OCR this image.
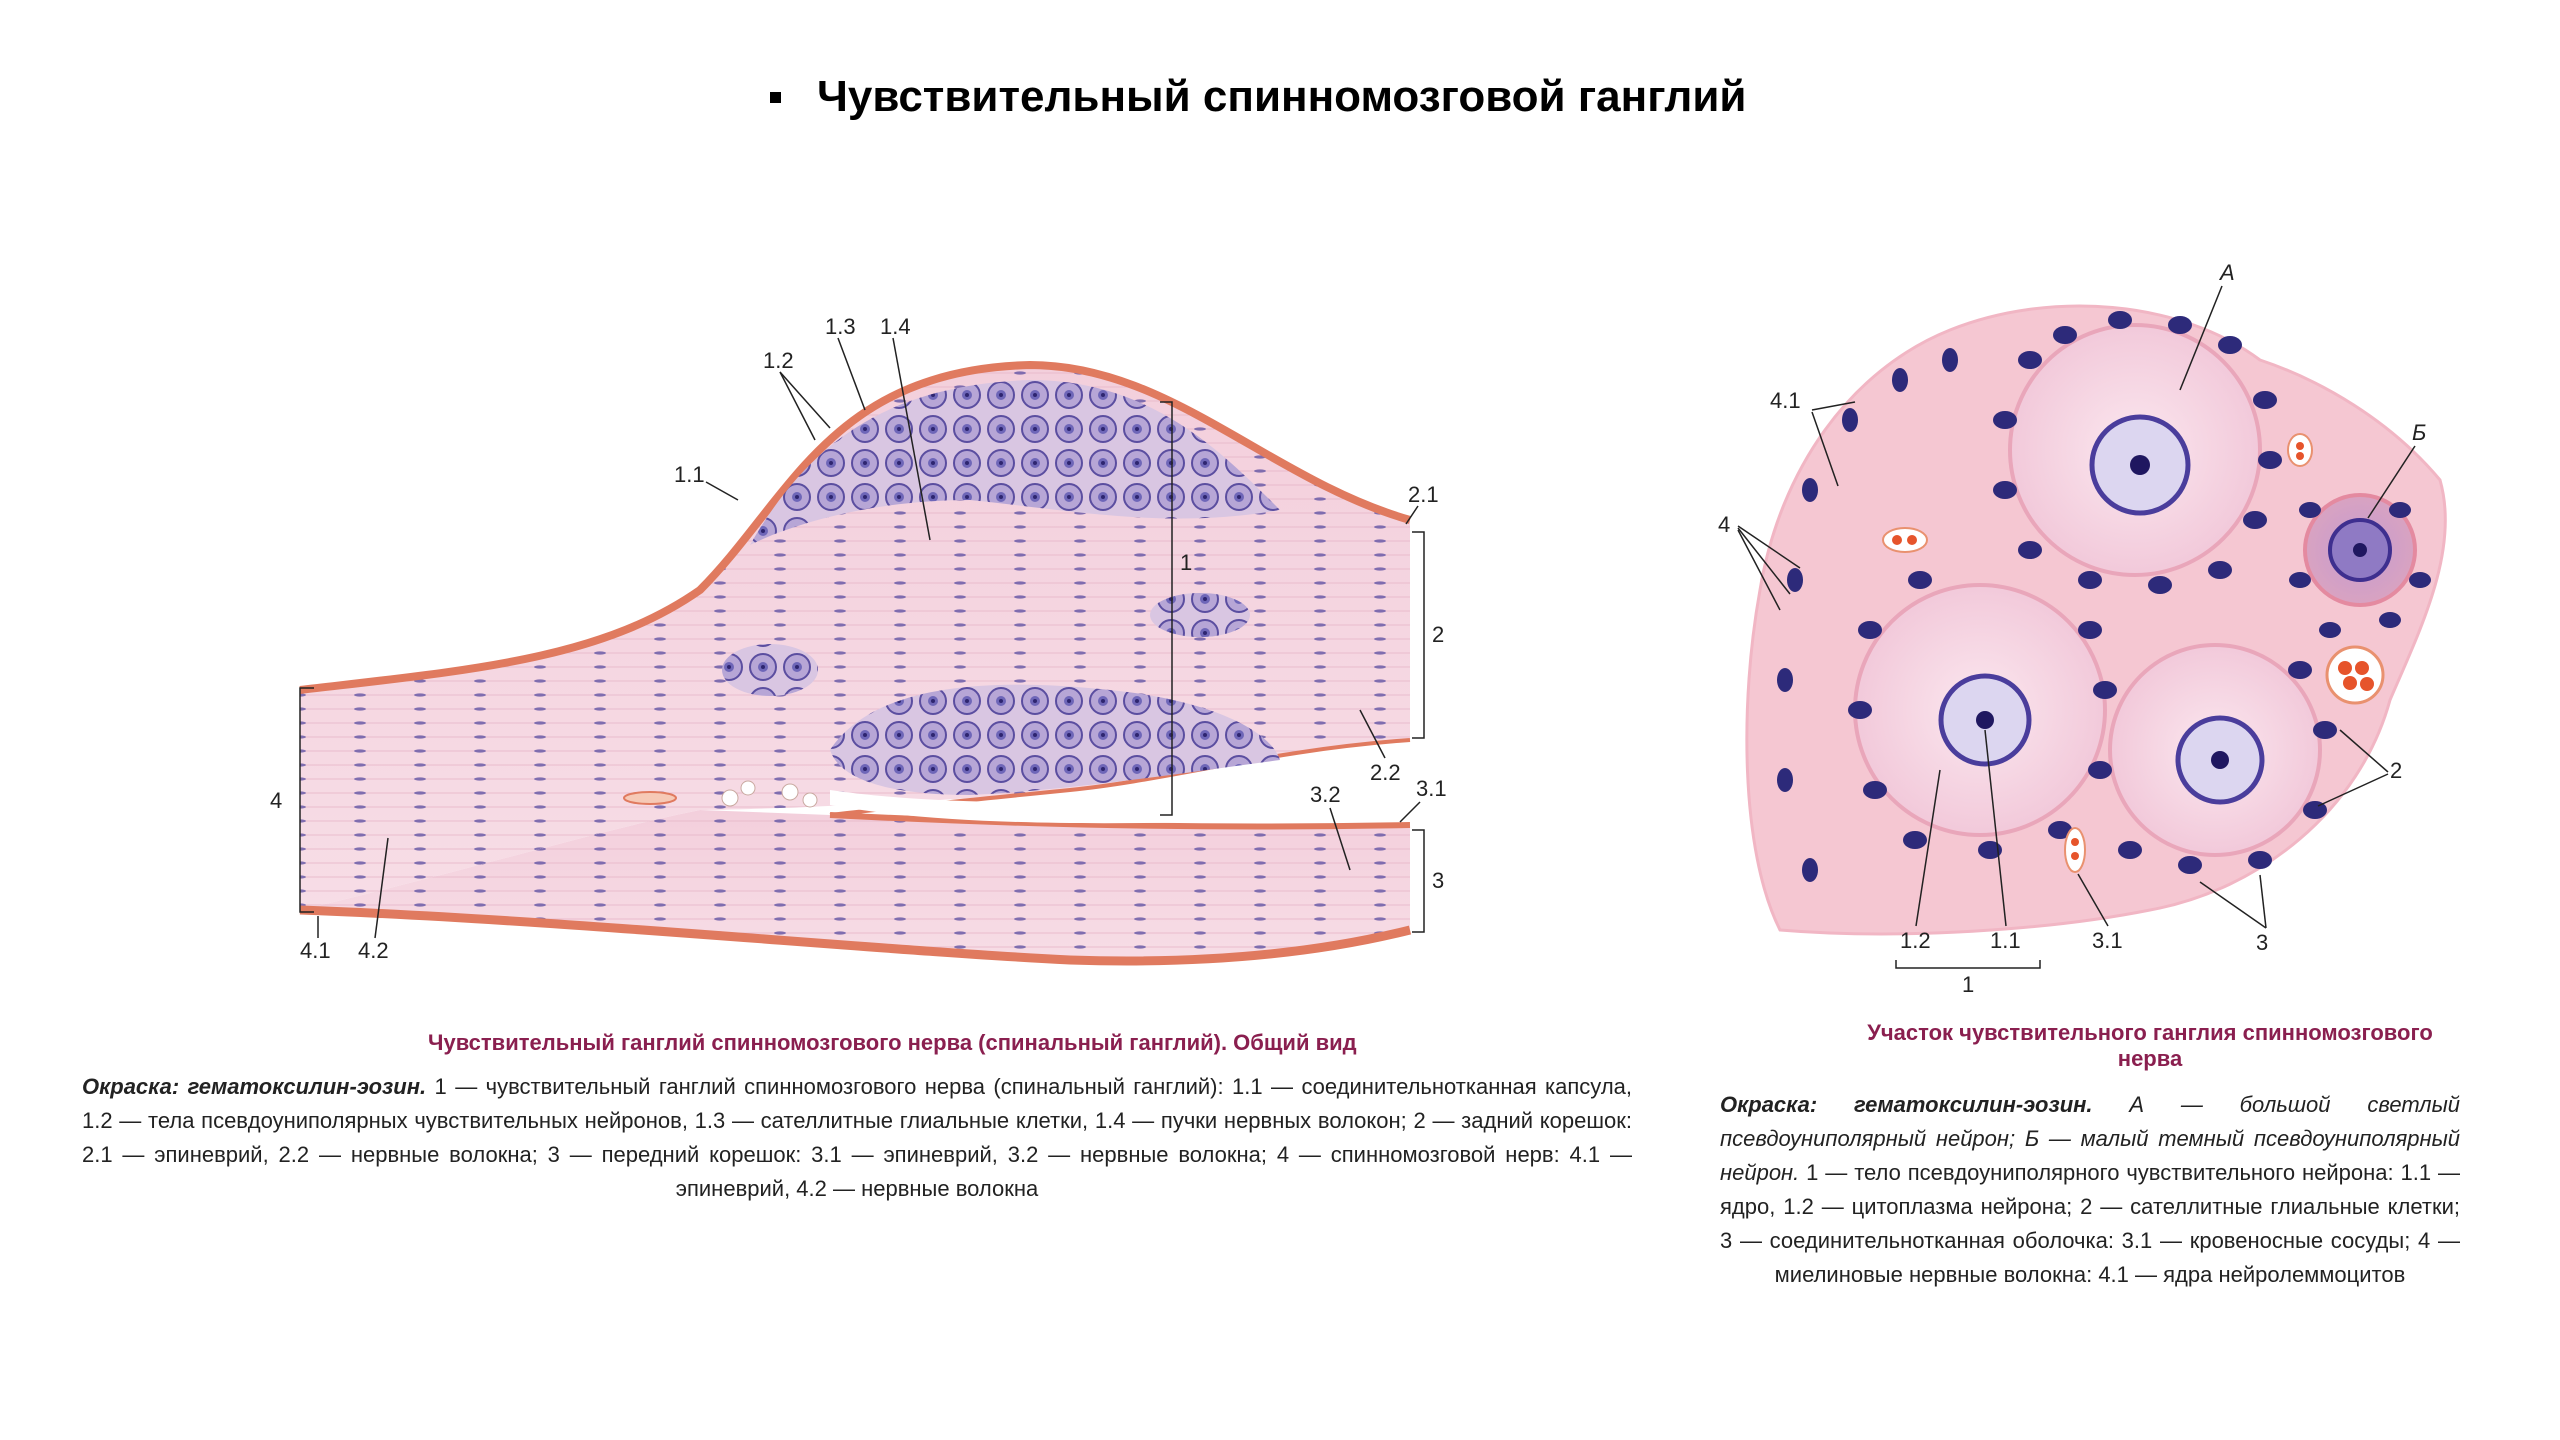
Чувствительный спинномозговой ганглий
1.1
1.2
1.3 1.4
1
2.1
2
2.2
3.1
3.2
3
4
4.1 4.2
Чувствительный ганглий спинномозгового нерва (спинальный ганглий). Общий вид
Окраска: гематоксилин-эозин. 1 — чувствительный ганглий спинномозгового нерва (спинальный ганглий): 1.1 — соединительнотканная капсула, 1.2 — тела псевдоуниполярных чувствительных нейронов, 1.3 — сателлитные глиальные клетки, 1.4 — пучки нервных волокон; 2 — задний корешок: 2.1 — эпиневрий, 2.2 — нервные волокна; 3 — передний корешок: 3.1 — эпиневрий, 3.2 — нервные волокна; 4 — спинномозговой нерв: 4.1 — эпиневрий, 4.2 — нервные волокна
А
Б
4.1
4
2
1.2	1.1
1
3.1	3
Участок чувствительного ганглия спинномозгового нерва
Окраска: гематоксилин-эозин. А — большой светлый псевдоуниполярный нейрон; Б — малый темный псевдоуниполярный нейрон. 1 — тело псевдоуниполярного чувствительного нейрона: 1.1 — ядро, 1.2 — цитоплазма нейрона; 2 — сателлитные глиальные клетки; 3 — соединительнотканная оболочка: 3.1 — кровеносные сосуды; 4 — миелиновые нервные волокна: 4.1 — ядра нейролеммоцитов
